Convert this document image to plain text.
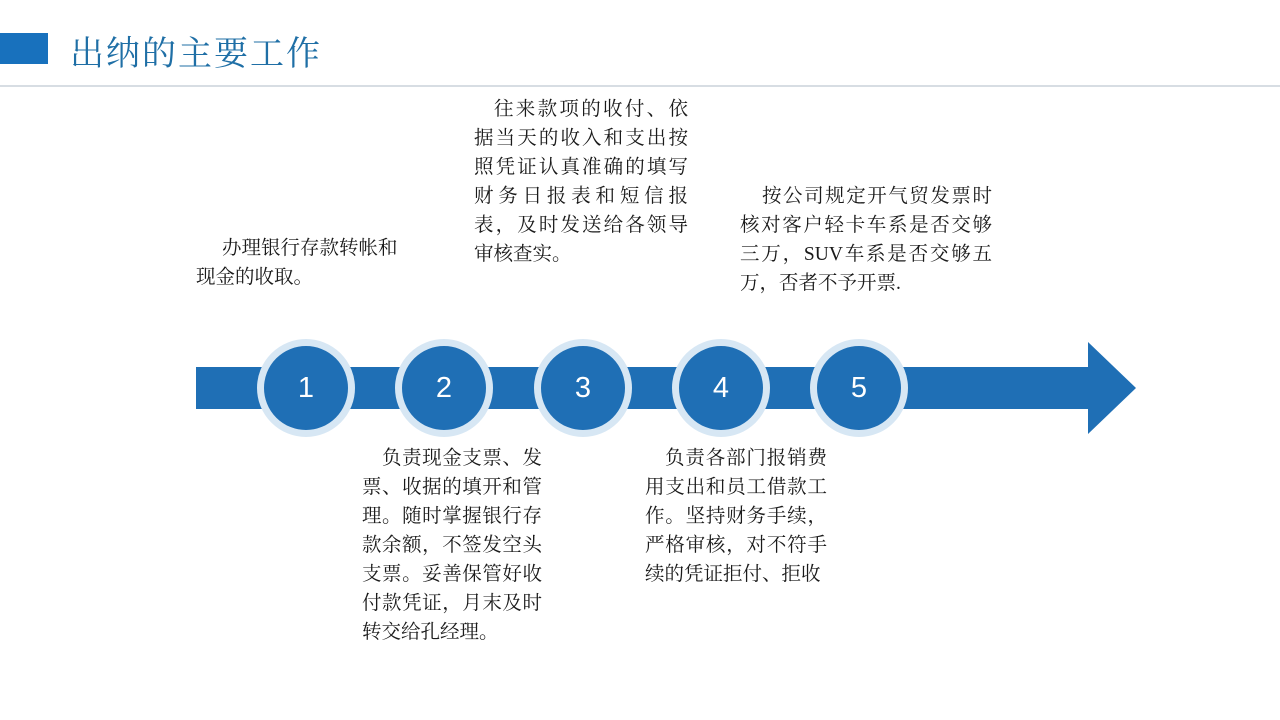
出纳的主要工作
办理银行存款转帐和现金的收取。
往来款项的收付、依据当天的收入和支出按照凭证认真准确的填写财务日报表和短信报表，及时发送给各领导审核查实。
按公司规定开气贸发票时核对客户轻卡车系是否交够三万，SUV车系是否交够五万，否者不予开票.
1	2	3	4	5
负责现金支票、发票、收据的填开和管理。随时掌握银行存款余额，不签发空头支票。妥善保管好收付款凭证，月末及时转交给孔经理。
负责各部门报销费用支出和员工借款工作。坚持财务手续，严格审核，对不符手续的凭证拒付、拒收
